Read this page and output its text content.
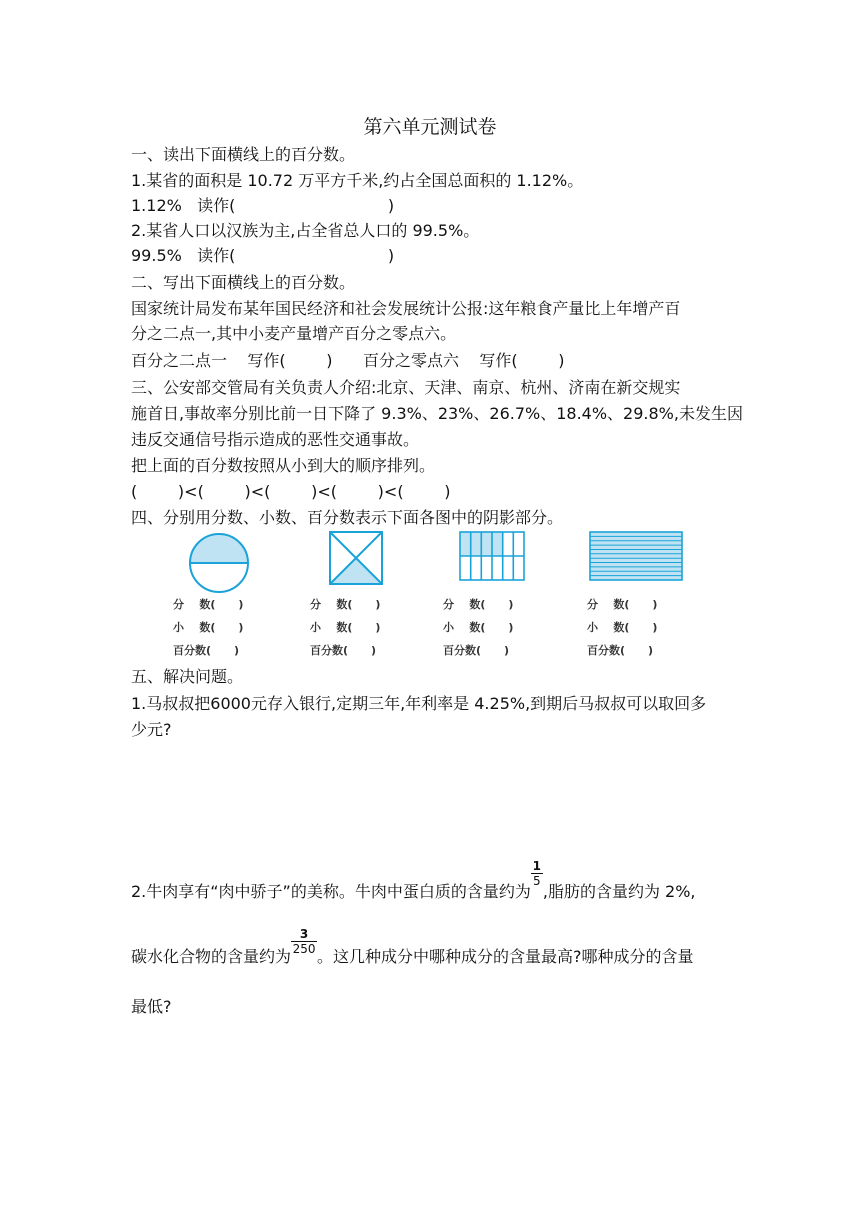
第六单元测试卷
一、读出下面横线上的百分数。
1.某省的面积是 10.72 万平方千米,约占全国总面积的 1.12%。
1.12%   读作(                              )
2.某省人口以汉族为主,占全省总人口的 99.5%。
99.5%   读作(                              )
二、写出下面横线上的百分数。
国家统计局发布某年国民经济和社会发展统计公报:这年粮食产量比上年增产百
分之二点一,其中小麦产量增产百分之零点六。
百分之二点一    写作(        )      百分之零点六    写作(        )
三、公安部交管局有关负责人介绍:北京、天津、南京、杭州、济南在新交规实
施首日,事故率分别比前一日下降了 9.3%、23%、26.7%、18.4%、29.8%,未发生因
违反交通信号指示造成的恶性交通事故。
把上面的百分数按照从小到大的顺序排列。
(        )<(        )<(        )<(        )<(        )
四、分别用分数、小数、百分数表示下面各图中的阴影部分。
分    数(      )
小    数(      )
百分数(      )
分    数(      )
小    数(      )
百分数(      )
分    数(      )
小    数(      )
百分数(      )
分    数(      )
小    数(      )
百分数(      )
五、解决问题。
1.马叔叔把6000元存入银行,定期三年,年利率是 4.25%,到期后马叔叔可以取回多
少元?
2.牛肉享有“肉中骄子”的美称。牛肉中蛋白质的含量约为 $\frac{1}{5}$ ,脂肪的含量约为 2%,
碳水化合物的含量约为 $\frac{3}{250}$ 。这几种成分中哪种成分的含量最高?哪种成分的含量
最低?
